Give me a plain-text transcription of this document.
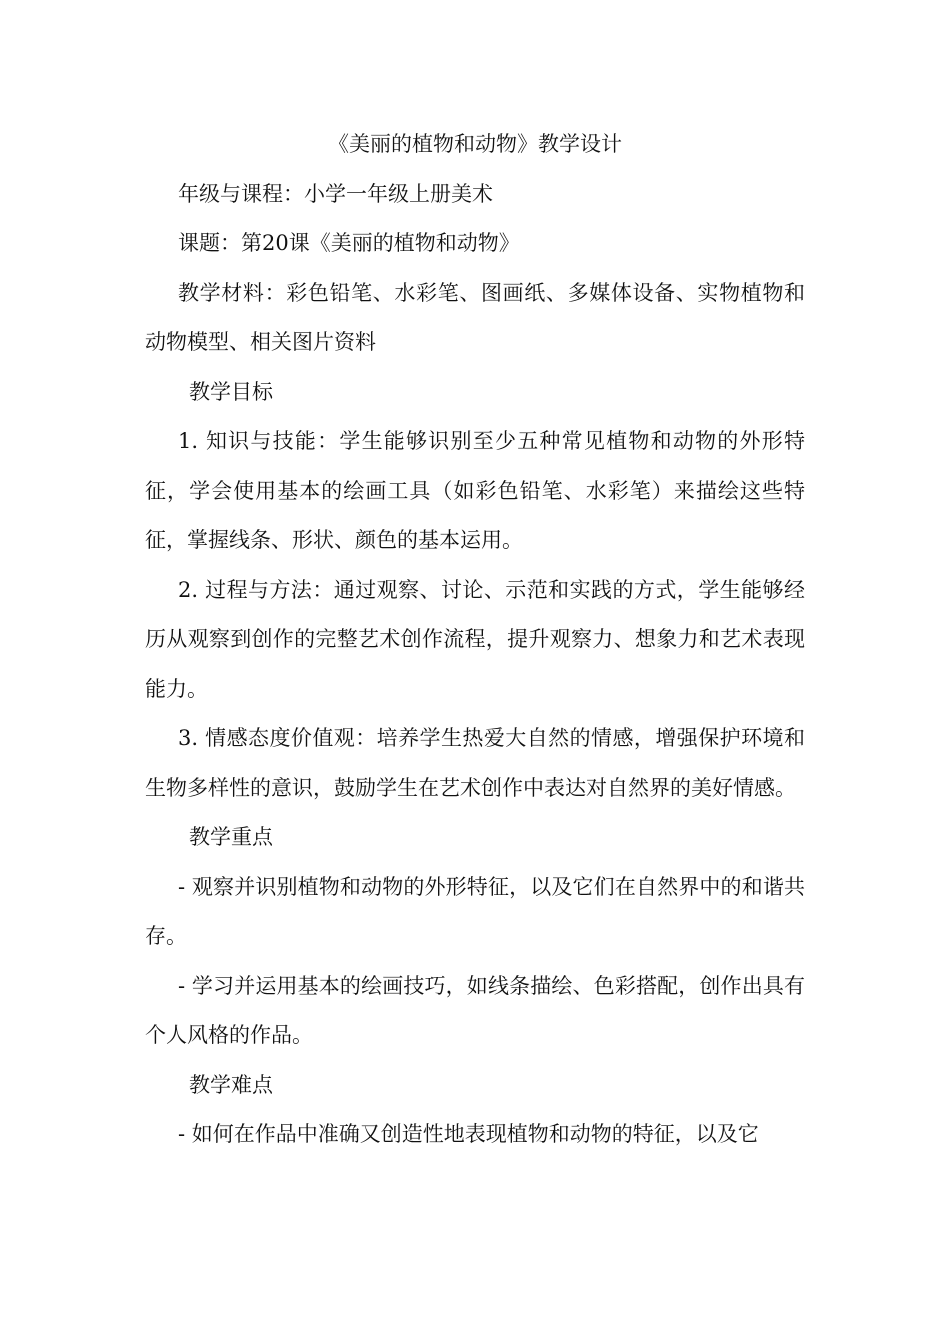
《美丽的植物和动物》教学设计

年级与课程：小学一年级上册美术

课题：第20课《美丽的植物和动物》

教学材料：彩色铅笔、水彩笔、图画纸、多媒体设备、实物植物和动物模型、相关图片资料

教学目标

1. 知识与技能：学生能够识别至少五种常见植物和动物的外形特征，学会使用基本的绘画工具（如彩色铅笔、水彩笔）来描绘这些特征，掌握线条、形状、颜色的基本运用。

2. 过程与方法：通过观察、讨论、示范和实践的方式，学生能够经历从观察到创作的完整艺术创作流程，提升观察力、想象力和艺术表现能力。

3. 情感态度价值观：培养学生热爱大自然的情感，增强保护环境和生物多样性的意识，鼓励学生在艺术创作中表达对自然界的美好情感。

教学重点

- 观察并识别植物和动物的外形特征，以及它们在自然界中的和谐共存。

- 学习并运用基本的绘画技巧，如线条描绘、色彩搭配，创作出具有个人风格的作品。

教学难点

- 如何在作品中准确又创造性地表现植物和动物的特征，以及它
